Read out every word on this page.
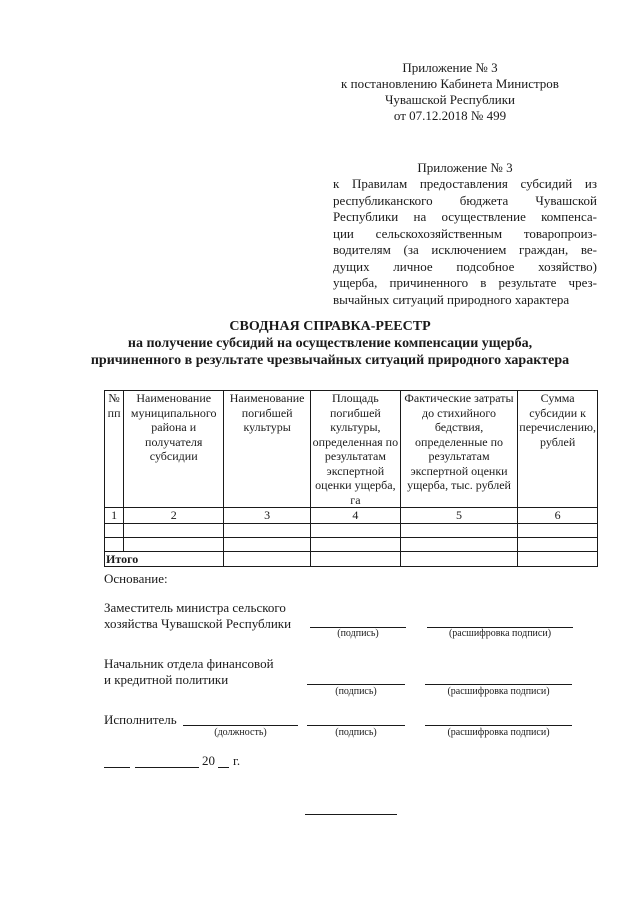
Приложение № 3
к постановлению Кабинета Министров
Чувашской Республики
от 07.12.2018 № 499
Приложение № 3
к Правилам предоставления субсидий из
республиканского бюджета Чувашской
Республики на осуществление компенса-
ции сельскохозяйственным товаропроиз-
водителям (за исключением граждан, ве-
дущих личное подсобное хозяйство)
ущерба, причиненного в результате чрез-
вычайных ситуаций природного характера
СВОДНАЯ СПРАВКА-РЕЕСТР
на получение субсидий на осуществление компенсации ущерба,
причиненного в результате чрезвычайных ситуаций природного характера
№ пп	Наименование муниципального района и получателя субсидии	Наименование погибшей культуры	Площадь погибшей культуры, определенная по результатам экспертной оценки ущерба, га	Фактические затраты до стихийного бедствия, определенные по результатам экспертной оценки ущерба, тыс. рублей	Сумма субсидии к перечислению, рублей
1	2	3	4	5	6

Итого					
Основание:
Заместитель министра сельского
хозяйства Чувашской Республики
(подпись)	(расшифровка подписи)
Начальник отдела финансовой
и кредитной политики
(подпись)	(расшифровка подписи)
Исполнитель
(должность)	(подпись)	(расшифровка подписи)
20 г.
